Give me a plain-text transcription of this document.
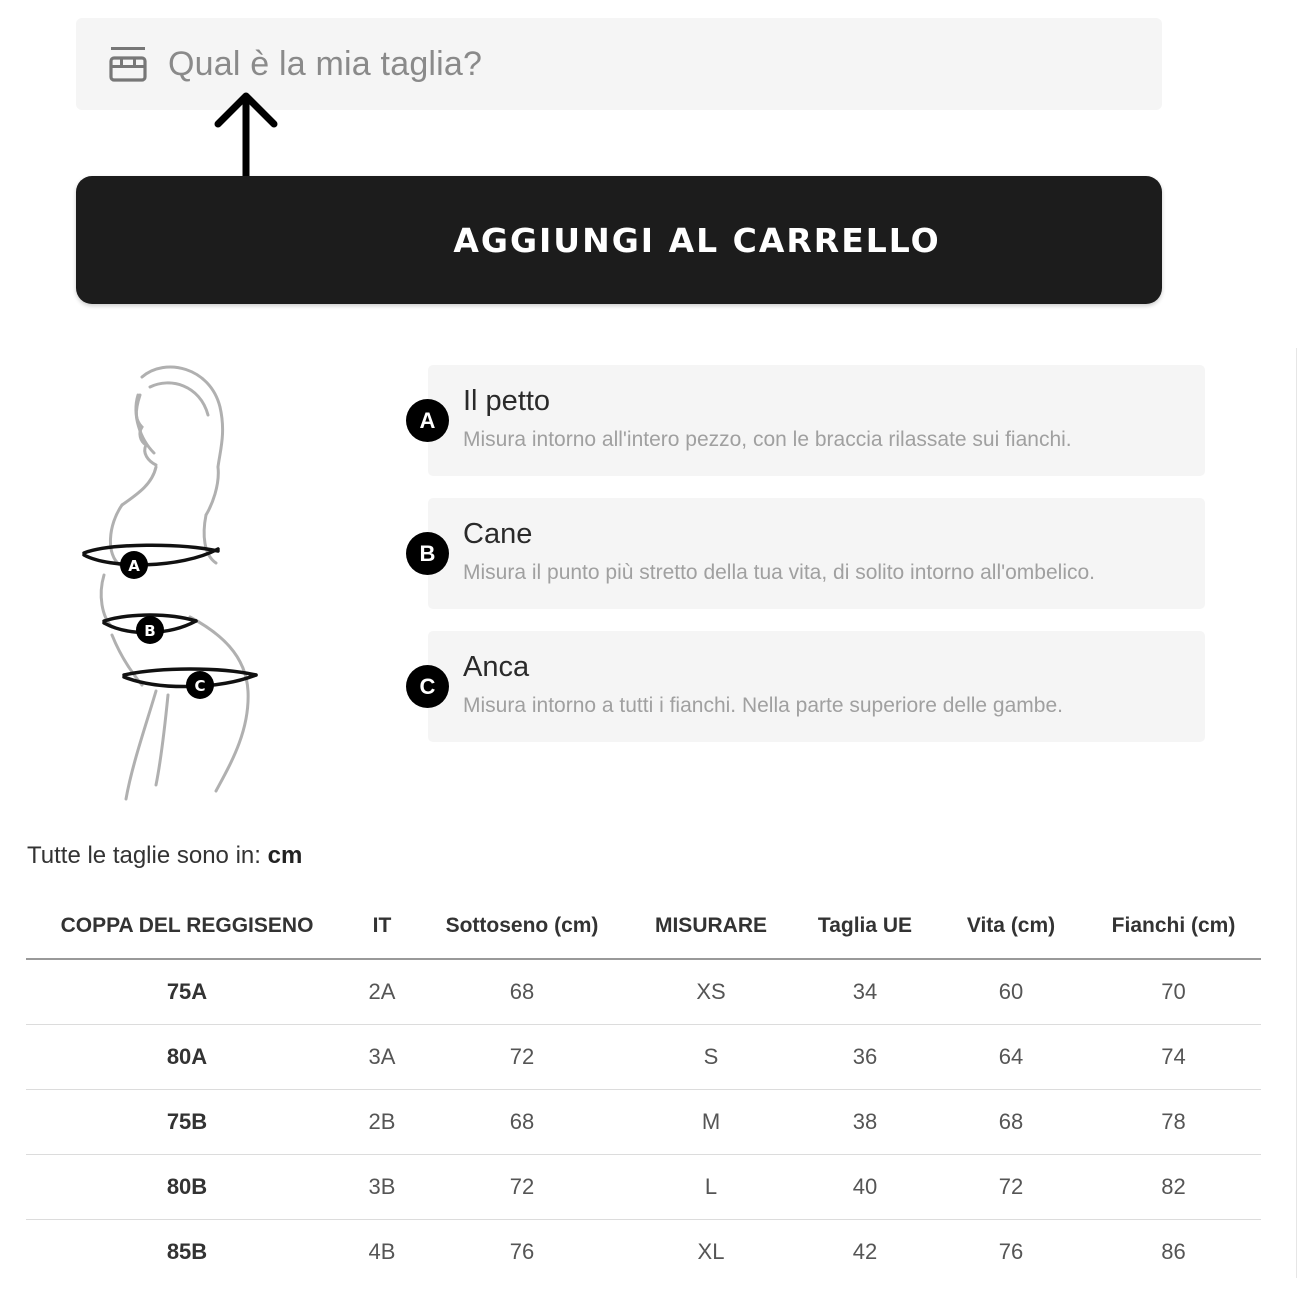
Qual è la mia taglia?
AGGIUNGI AL CARRELLO
A
B
C
Il petto
Misura intorno all'intero pezzo, con le braccia rilassate sui fianchi.
A
Cane
Misura il punto più stretto della tua vita, di solito intorno all'ombelico.
B
Anca
Misura intorno a tutti i fianchi. Nella parte superiore delle gambe.
C
Tutte le taglie sono in: cm
COPPA DEL REGGISENO	IT	Sottoseno (cm)	MISURARE	Taglia UE	Vita (cm)	Fianchi (cm)
75A	2A	68	XS	34	60	70
80A	3A	72	S	36	64	74
75B	2B	68	M	38	68	78
80B	3B	72	L	40	72	82
85B	4B	76	XL	42	76	86
